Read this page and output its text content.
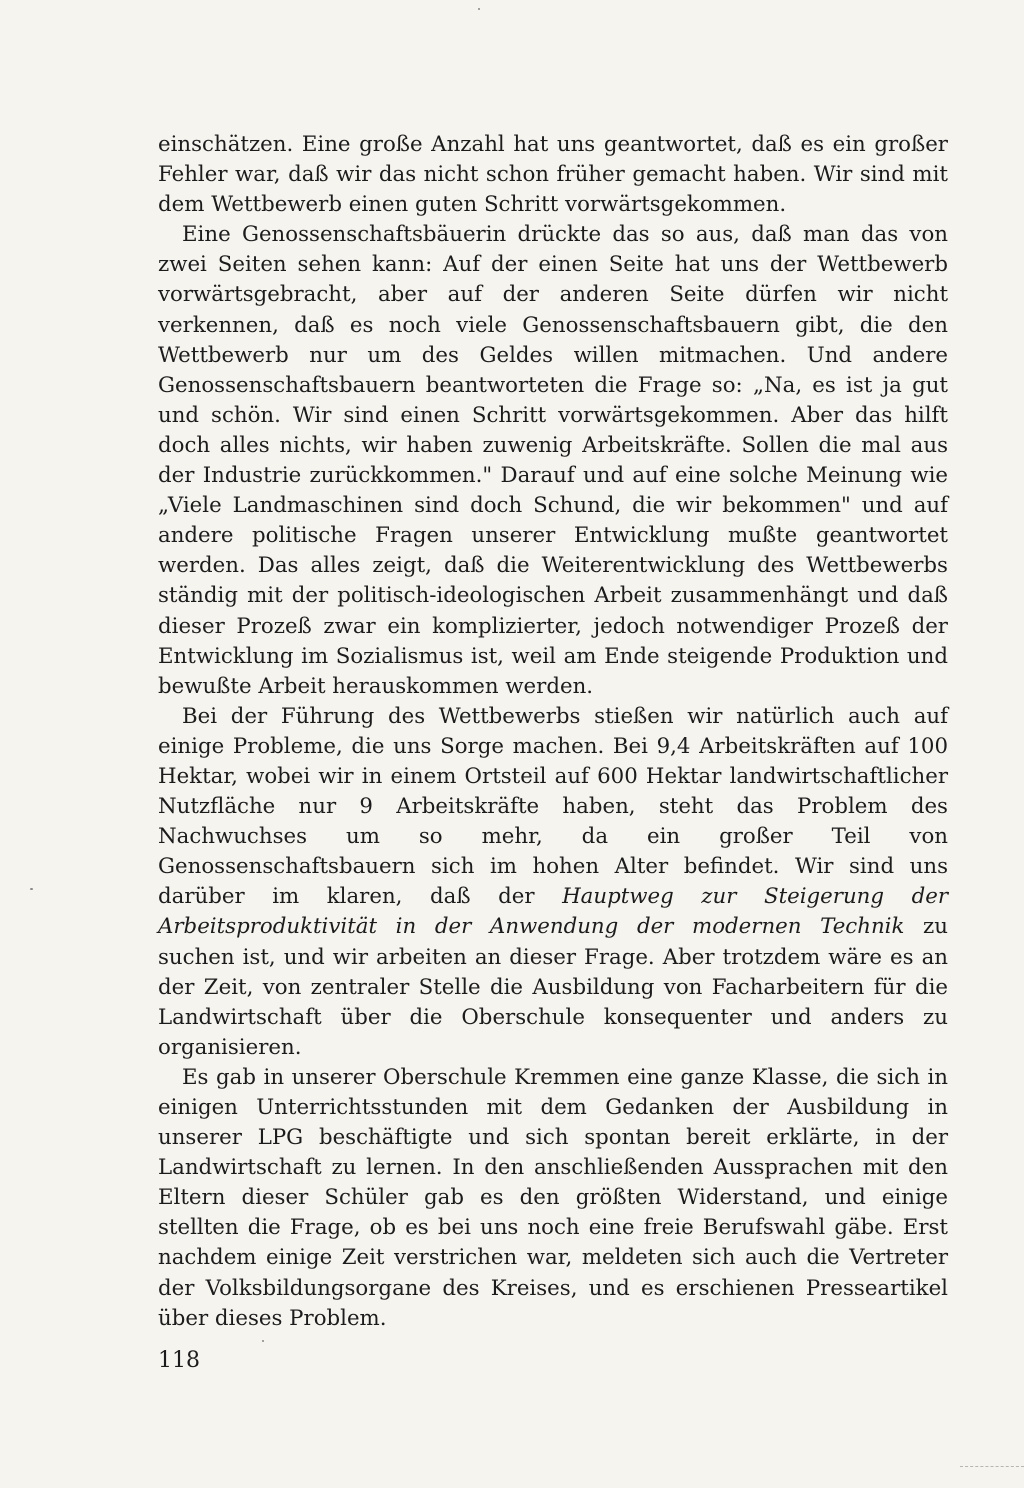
einschätzen. Eine große Anzahl hat uns geantwortet, daß es ein großer Fehler war, daß wir das nicht schon früher gemacht haben. Wir sind mit dem Wettbewerb einen guten Schritt vorwärtsgekommen.

Eine Genossenschaftsbäuerin drückte das so aus, daß man das von zwei Seiten sehen kann: Auf der einen Seite hat uns der Wettbewerb vorwärtsgebracht, aber auf der anderen Seite dürfen wir nicht verkennen, daß es noch viele Genossenschaftsbauern gibt, die den Wettbewerb nur um des Geldes willen mitmachen. Und andere Genossenschaftsbauern beantworteten die Frage so: „Na, es ist ja gut und schön. Wir sind einen Schritt vorwärtsgekommen. Aber das hilft doch alles nichts, wir haben zuwenig Arbeitskräfte. Sollen die mal aus der Industrie zurückkommen." Darauf und auf eine solche Meinung wie „Viele Landmaschinen sind doch Schund, die wir bekommen" und auf andere politische Fragen unserer Entwicklung mußte geantwortet werden. Das alles zeigt, daß die Weiterentwicklung des Wettbewerbs ständig mit der politisch-ideologischen Arbeit zusammenhängt und daß dieser Prozeß zwar ein komplizierter, jedoch notwendiger Prozeß der Entwicklung im Sozialismus ist, weil am Ende steigende Produktion und bewußte Arbeit herauskommen werden.

Bei der Führung des Wettbewerbs stießen wir natürlich auch auf einige Probleme, die uns Sorge machen. Bei 9,4 Arbeitskräften auf 100 Hektar, wobei wir in einem Ortsteil auf 600 Hektar landwirtschaftlicher Nutzfläche nur 9 Arbeitskräfte haben, steht das Problem des Nachwuchses um so mehr, da ein großer Teil von Genossenschaftsbauern sich im hohen Alter befindet. Wir sind uns darüber im klaren, daß der Hauptweg zur Steigerung der Arbeitsproduktivität in der Anwendung der modernen Technik zu suchen ist, und wir arbeiten an dieser Frage. Aber trotzdem wäre es an der Zeit, von zentraler Stelle die Ausbildung von Facharbeitern für die Landwirtschaft über die Oberschule konsequenter und anders zu organisieren.

Es gab in unserer Oberschule Kremmen eine ganze Klasse, die sich in einigen Unterrichtsstunden mit dem Gedanken der Ausbildung in unserer LPG beschäftigte und sich spontan bereit erklärte, in der Landwirtschaft zu lernen. In den anschließenden Aussprachen mit den Eltern dieser Schüler gab es den größten Widerstand, und einige stellten die Frage, ob es bei uns noch eine freie Berufswahl gäbe. Erst nachdem einige Zeit verstrichen war, meldeten sich auch die Vertreter der Volksbildungsorgane des Kreises, und es erschienen Presseartikel über dieses Problem.

118
